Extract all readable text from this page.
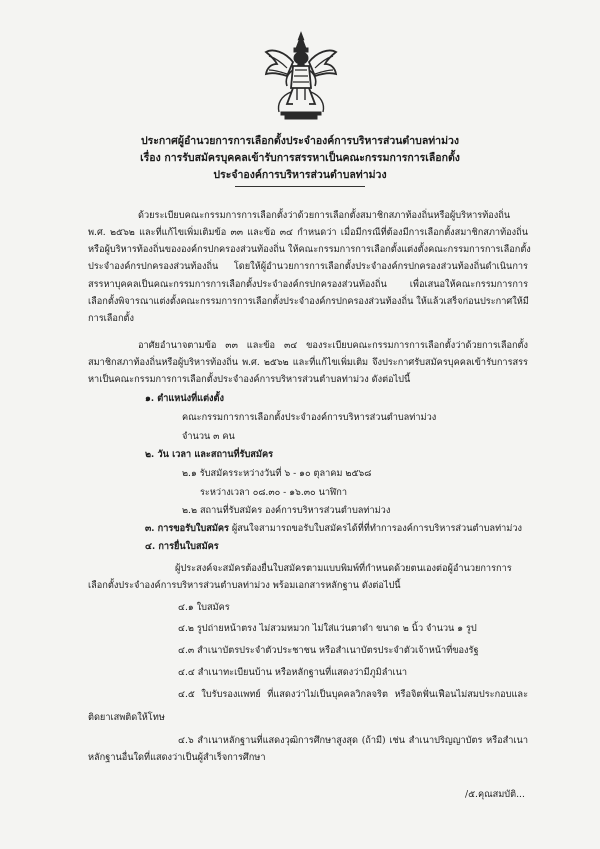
ประกาศผู้อำนวยการการเลือกตั้งประจำองค์การบริหารส่วนตำบลท่าม่วง
เรื่อง การรับสมัครบุคคลเข้ารับการสรรหาเป็นคณะกรรมการการเลือกตั้ง
ประจำองค์การบริหารส่วนตำบลท่าม่วง
ด้วยระเบียบคณะกรรมการการเลือกตั้งว่าด้วยการเลือกตั้งสมาชิกสภาท้องถิ่นหรือผู้บริหารท้องถิ่น
พ.ศ. ๒๕๖๒ และที่แก้ไขเพิ่มเติมข้อ ๓๓ และข้อ ๓๔ กำหนดว่า เมื่อมีกรณีที่ต้องมีการเลือกตั้งสมาชิกสภาท้องถิ่น
หรือผู้บริหารท้องถิ่นขององค์กรปกครองส่วนท้องถิ่น ให้คณะกรรมการการเลือกตั้งแต่งตั้งคณะกรรมการการเลือกตั้ง
ประจำองค์กรปกครองส่วนท้องถิ่น โดยให้ผู้อำนวยการการเลือกตั้งประจำองค์กรปกครองส่วนท้องถิ่นดำเนินการ
สรรหาบุคคลเป็นคณะกรรมการการเลือกตั้งประจำองค์กรปกครองส่วนท้องถิ่น เพื่อเสนอให้คณะกรรมการการ
เลือกตั้งพิจารณาแต่งตั้งคณะกรรมการการเลือกตั้งประจำองค์กรปกครองส่วนท้องถิ่น ให้แล้วเสร็จก่อนประกาศให้มี
การเลือกตั้ง
อาศัยอำนาจตามข้อ ๓๓ และข้อ ๓๔ ของระเบียบคณะกรรมการการเลือกตั้งว่าด้วยการเลือกตั้ง
สมาชิกสภาท้องถิ่นหรือผู้บริหารท้องถิ่น พ.ศ. ๒๕๖๒ และที่แก้ไขเพิ่มเติม จึงประกาศรับสมัครบุคคลเข้ารับการสรร
หาเป็นคณะกรรมการการเลือกตั้งประจำองค์การบริหารส่วนตำบลท่าม่วง ดังต่อไปนี้
๑. ตำแหน่งที่แต่งตั้ง
คณะกรรมการการเลือกตั้งประจำองค์การบริหารส่วนตำบลท่าม่วง
จำนวน ๓ คน
๒. วัน เวลา และสถานที่รับสมัคร
๒.๑ รับสมัครระหว่างวันที่ ๖ - ๑๐ ตุลาคม ๒๕๖๘
ระหว่างเวลา ๐๘.๓๐ - ๑๖.๓๐ นาฬิกา
๒.๒ สถานที่รับสมัคร องค์การบริหารส่วนตำบลท่าม่วง
๓. การขอรับใบสมัคร ผู้สนใจสามารถขอรับใบสมัครได้ที่ที่ทำการองค์การบริหารส่วนตำบลท่าม่วง
๔. การยื่นใบสมัคร
ผู้ประสงค์จะสมัครต้องยื่นใบสมัครตามแบบพิมพ์ที่กำหนดด้วยตนเองต่อผู้อำนวยการการ
เลือกตั้งประจำองค์การบริหารส่วนตำบลท่าม่วง พร้อมเอกสารหลักฐาน ดังต่อไปนี้
๔.๑ ใบสมัคร
๔.๒ รูปถ่ายหน้าตรง ไม่สวมหมวก ไม่ใส่แว่นตาดำ ขนาด ๒ นิ้ว จำนวน ๑ รูป
๔.๓ สำเนาบัตรประจำตัวประชาชน หรือสำเนาบัตรประจำตัวเจ้าหน้าที่ของรัฐ
๔.๔ สำเนาทะเบียนบ้าน หรือหลักฐานที่แสดงว่ามีภูมิลำเนา
๔.๕ ใบรับรองแพทย์ ที่แสดงว่าไม่เป็นบุคคลวิกลจริต หรือจิตฟั่นเฟือนไม่สมประกอบและ
ติดยาเสพติดให้โทษ
๔.๖ สำเนาหลักฐานที่แสดงวุฒิการศึกษาสูงสุด (ถ้ามี) เช่น สำเนาปริญญาบัตร หรือสำเนา
หลักฐานอื่นใดที่แสดงว่าเป็นผู้สำเร็จการศึกษา
/๕.คุณสมบัติ...
